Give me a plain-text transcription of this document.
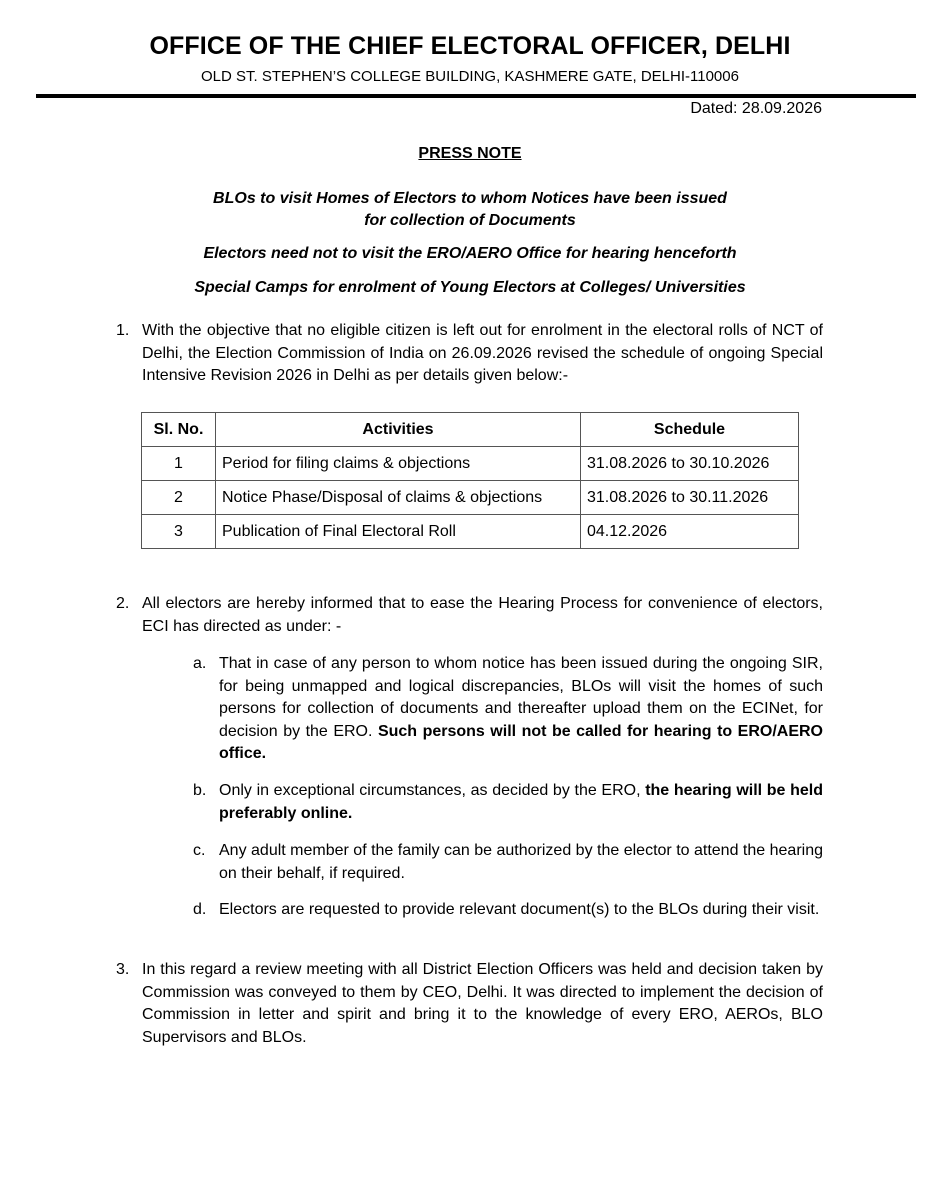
OFFICE OF THE CHIEF ELECTORAL OFFICER, DELHI
OLD ST. STEPHEN’S COLLEGE BUILDING, KASHMERE GATE, DELHI-110006
Dated: 28.09.2026
PRESS NOTE
BLOs to visit Homes of Electors to whom Notices have been issued
for collection of Documents
Electors need not to visit the ERO/AERO Office for hearing henceforth
Special Camps for enrolment of Young Electors at Colleges/ Universities
1. With the objective that no eligible citizen is left out for enrolment in the electoral rolls of NCT of Delhi, the Election Commission of India on 26.09.2026 revised the schedule of ongoing Special Intensive Revision 2026 in Delhi as per details given below:-
Sl. No.	Activities	Schedule
1	Period for filing claims & objections	31.08.2026 to 30.10.2026
2	Notice Phase/Disposal of claims & objections	31.08.2026 to 30.11.2026
3	Publication of Final Electoral Roll	04.12.2026
2. All electors are hereby informed that to ease the Hearing Process for convenience of electors, ECI has directed as under: -
a. That in case of any person to whom notice has been issued during the ongoing SIR, for being unmapped and logical discrepancies, BLOs will visit the homes of such persons for collection of documents and thereafter upload them on the ECINet, for decision by the ERO. Such persons will not be called for hearing to ERO/AERO office.
b. Only in exceptional circumstances, as decided by the ERO, the hearing will be held preferably online.
c. Any adult member of the family can be authorized by the elector to attend the hearing on their behalf, if required.
d. Electors are requested to provide relevant document(s) to the BLOs during their visit.
3. In this regard a review meeting with all District Election Officers was held and decision taken by Commission was conveyed to them by CEO, Delhi. It was directed to implement the decision of Commission in letter and spirit and bring it to the knowledge of every ERO, AEROs, BLO Supervisors and BLOs.
